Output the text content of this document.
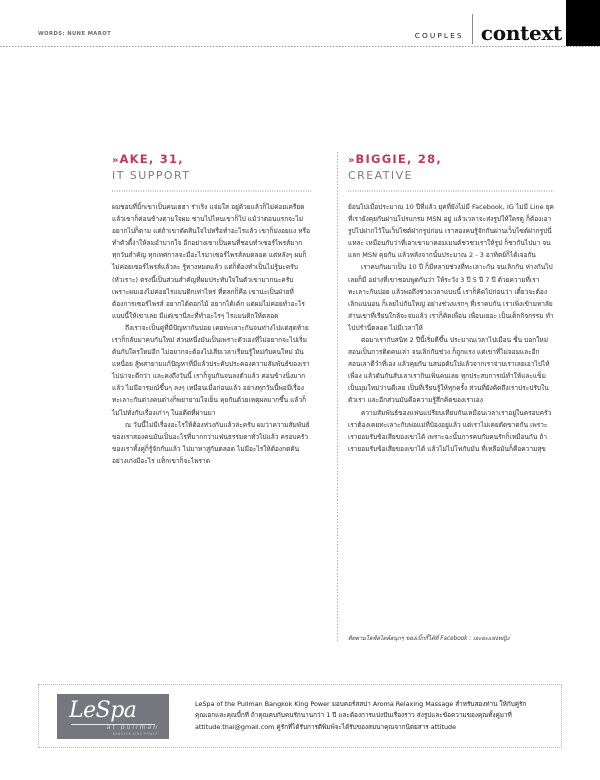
WORDS: NUNE MAROT	COUPLES context
»AKE, 31,
IT SUPPORT

ผมชอบที่บิ้กเขาเป็นคนเฮฮา ร่าเริง แจ่มใส อยู่ด้วยแล้วก็ไม่ค่อยเครียด แล้วเขาก็ค่อนข้างตามใจผม ชานไปไหนเขาก็ไป แม้ว่าตอนแรกจะไม่อยากไปก็ตาม แต่ถ้าเขาตัดสินใจไปหรือทำอะไรแล้ว เขาก็ม่งอยแง หรือทำตัวดื้ง่าให้ลมอำบากใจ อีกอย่างเขาเป็นคนที่ชอบทำเซอร์ไพรส์มาก ทุกวันสำคัญ ทุกเทศกาลจะมีอะไรมาเซอร์ไพรส์ลมตลอด แต่หลังๆ ผมก็ไม่ค่อยเซอร์ไพรส์แล้วละ รู้ทางหมดแล้ว แต่ก็ต้องทำเป็นไม่รู้นะครับ (หัวเราะ) ตรงนี้เป็นส่วนสำคัญที่ผมประทับใจในตัวเขามากนะครับ เพราะผมเองไม่ค่อยไรแมนติกเท่าไหร่ ที่ตลกก็คือ เขาน่ะเป็นฝ่ายที่ต้องการเซอร์ไพรส์ อยากได้ดอกไม้ อยากได้เค้ก แต่ผมไม่ค่อยทำอะไรแบบนี้ให้เขาเลย มีแต่เขานี่ละที่ทำอะไรๆ ไรแมนติกให้ตลอด

ถึงเราจะเป็นคู่ที่มีปัญหากันบ่อย เคยทะเลาะกันจนท่างไปแต่สุดท้ายเราก็กลับมาคบกันใหม่ ส่วนหนึ่งมันเป็นเพราะตัวเองที่ไม่อยากจะไปเริ่มต้นกับใครใหม่อีก ไม่อยากจะต้องไปเสียเวลาเรียนรู้ใหม่กับคนใหม่ มันแหนื่อย สู้พสายามแก้ปัญหาที่มีแล้วประคับประคองความสัมพันธ์ของเราไปน่าจะดีกว่า และคงถึงวันนี้ เราก็จูนกันจนลงตัวแล้ว ค่อนข้างนิ่งมากแล้ว ไม่มีอารมณ์ขึ้นๆ ลงๆ เหมือนเมื่อก่อนแล้ว อย่างทุกวันนี้พอมีเรื่องทะเลาะกันต่างคนต่างก็พยายามใจเย็น คุยกันด้วยเหตุผลมากขึ้น แล้วก็ไม่ไปทั่งกับเรื่องเก่าๆ ในอดีตที่ผ่านมา

ณ วันนี้ไม่มีเรื่องอะไรให้ต้องห่วงกันแล้วล่ะครับ ผมว่าความสัมพันธ์ของเราสองคนมันเป็นอะไรที่มากกว่าแฟนธรรมดาทั่วไปแล้ว ครอบครัวของเราทั้งคู่ก็รู้จักกันแล้ว ไปมาหาสู่กันตลอด ไม่มีอะไรให้ต้องกดดัน อย่างเก่งมีอะไร แท็กเขาก็จะไพราด

»BIGGIE, 28,
CREATIVE

ย้อนไปเมื่อประมาณ 10 ปีที่แล้ว ยุคที่ยังไม่มี Facebook, IG ไม่มี Line ยุคที่เรายังคุยกันผ่านโปรแกรม MSN อยู่ แล้วเวลาจะส่งรูปให้ใครดู ก็ต้องเอารูปไปฝากไว้ในเว็บไซต์ฝากรูปก่อน เราสองคนรู้จักกันผ่านเว็บไซต์ฝากรูปนี่แหละ เหมือนกับว่าที่เอาเขามาคอมเมนต์ชวชวเราให้รูป ก็ชวกันไปมา จนแลก MSN คุยกัน แล้วหลังจากนั้นประมาณ 2 - 3 อาทิตย์ก็ได้เจอกัน

เราคบกันมาเป็น 10 ปี ก็มีหลายช่วงที่ทะเลาะกัน จนเลิกกัน ห่างกันไปเลยก็มี อย่างที่เขาชอบพูดกันว่า ให้ระวัง 3 ปี 5 ปี 7 ปี ด้วยความที่เราทะเลาะกันบ่อย แล้วพอถึงช่วงเวลาแบบนี้ เราก็คิดไปก่อนว่า เดี๋ยวจะต้องเลิกแน่นอน ก็เลยไปกันใหญ่ อย่างช่วงแรกๆ ที่เราคบกัน เราเพิ่งเข้ามหาลัย ส่านเขาที่เรียนใกล้จะจบแล้ว เราก็คิดเพื่อน เพื่อนเยอะ เป็นเด็กกิจกรรม ทำไปปรำนี่ตลอด ไม่มีเวลาให้

ต่อมาเรากับสนิท 2 ปีนี้เริ่มดีขึ้น ประมาณเวลาไปเมือน ชื่น บอกใหม่ สอนเป็นการติดคนเล่า จนเลิกกันช่วง ก็ถูกแรง แต่เขาที่ไม่จอมและอีก สอนเลาตีวำที่เอง แล้วคุยกัน นสนอตับใปแล้วจากเราจ่ายเราเลยเอาไปไห้เพื่อง แล้วตันกันสับเลาเรากินเพิ่นคนเลย ทุกประสบการณ์ทำให้และแข็ม เป็นมุมใหม่ว่านดีเลย เป็นที่เรียนรู้ให้ทุกครั้ง ส่วนที่ยังคิดถึงเราประปรับในตัวเรา และอีกส่วนมันคือความรู้สึกคิดของเราเอง

ความสัมพันธ์ของแฟนแปรียบเทียบกันเหมือนเวลาเราอยู่ในครอบครัว เราต้องเคยทะเลาะกับพ่อแม่ที่บ้องอยู่แล้ว แต่เราไม่เคยตัดขาดกัน เพราะเรายอมรับข้อเสียของเขาได้ เพราะฉะนั้นการคบกับคนรักก็เหมือนกัน ถ้าเรายอมรับข้อเสียของเขาได้ แล้วไม่ไปโฟกับมัน ที่เหลือมันก็คือความสุข

ติดตามไลฟ์สไตล์สนุกๆ ของเบิ้กกี้ได้ที่ Facebook : เอะอะแห่งหญิง
LeSpa
at pullman
BANGKOK KING POWER
LeSpa of the Pullman Bangkok King Power มอบคอร์สสปา Aroma Relaxing Massage สำหรับสองท่าน ให้กับคู่รัก
คุณเอกและคุณบี้กที่ ถ้าคุณคบกับคนรักนานกว่า 1 ปี และต้องการแบ่งปันเรื่องราว ส่งรูปและข้อความของคุณทั้งคู่มาที่
attitude.thai@gmail.com คู่รักที่ได้รับการตีพิมพ์จะได้รับของสมนาคุณจากนิตยสาร attitude
